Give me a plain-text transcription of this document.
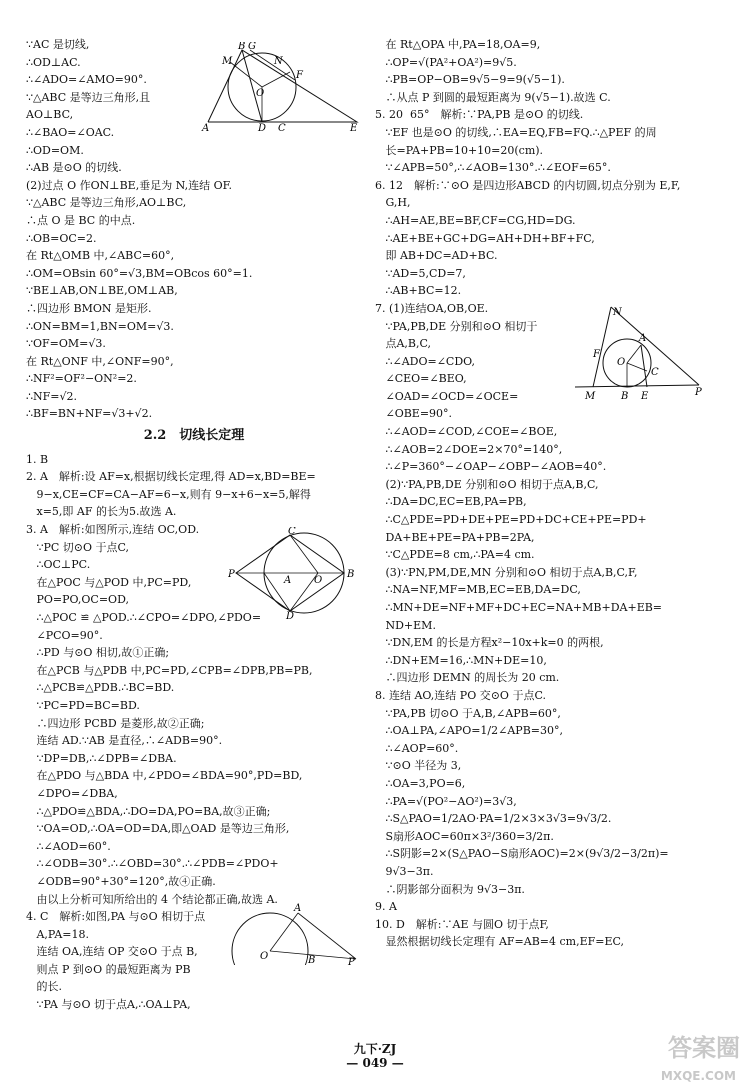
∵AC 是切线,

∴OD⊥AC.

∴∠ADO=∠AMO=90°.

∵△ABC 是等边三角形,且

AO⊥BC,

∴∠BAO=∠OAC.

∴OD=OM.

∴AB 是⊙O 的切线.

(2)过点 O 作ON⊥BE,垂足为 N,连结 OF.

∵△ABC 是等边三角形,AO⊥BC,

∴点 O 是 BC 的中点.

∴OB=OC=2.

在 Rt△OMB 中,∠ABC=60°,

∴OM=OBsin 60°=√3,BM=OBcos 60°=1.

∵BE⊥AB,ON⊥BE,OM⊥AB,

∴四边形 BMON 是矩形.

∴ON=BM=1,BN=OM=√3.

∵OF=OM=√3.

在 Rt△ONF 中,∠ONF=90°,

∴NF²=OF²−ON²=2.

∴NF=√2.

∴BF=BN+NF=√3+√2.

2.2　切线长定理

1. B

2. A　解析:设 AF=x,根据切线长定理,得 AD=x,BD=BE=

9−x,CE=CF=CA−AF=6−x,则有 9−x+6−x=5,解得

x=5,即 AF 的长为5.故选 A.

3. A　解析:如图所示,连结 OC,OD.

∵PC 切⊙O 于点C,

∴OC⊥PC.

在△POC 与△POD 中,PC=PD,

PO=PO,OC=OD,

∴△POC ≌ △POD.∴∠CPO=∠DPO,∠PDO=

∠PCO=90°.

∴PD 与⊙O 相切,故①正确;

在△PCB 与△PDB 中,PC=PD,∠CPB=∠DPB,PB=PB,

∴△PCB≌△PDB.∴BC=BD.

∵PC=PD=BC=BD.

∴四边形 PCBD 是菱形,故②正确;

连结 AD.∵AB 是直径,∴∠ADB=90°.

∵DP=DB,∴∠DPB=∠DBA.

在△PDO 与△BDA 中,∠PDO=∠BDA=90°,PD=BD,

∠DPO=∠DBA,

∴△PDO≌△BDA,∴DO=DA,PO=BA,故③正确;

∵OA=OD,∴OA=OD=DA,即△OAD 是等边三角形,

∴∠AOD=60°.

∴∠ODB=30°.∴∠OBD=30°.∴∠PDB=∠PDO+

∠ODB=90°+30°=120°,故④正确.

由以上分析可知所给出的 4 个结论都正确,故选 A.

4. C　解析:如图,PA 与⊙O 相切于点

A,PA=18.

连结 OA,连结 OP 交⊙O 于点 B,

则点 P 到⊙O 的最短距离为 PB

的长.

∵PA 与⊙O 切于点A,∴OA⊥PA,

在 Rt△OPA 中,PA=18,OA=9,

∴OP=√(PA²+OA²)=9√5.

∴PB=OP−OB=9√5−9=9(√5−1).

∴从点 P 到圆的最短距离为 9(√5−1).故选 C.

5. 20  65°　解析:∵PA,PB 是⊙O 的切线.

∵EF 也是⊙O 的切线,∴EA=EQ,FB=FQ.∴△PEF 的周

长=PA+PB=10+10=20(cm).

∵∠APB=50°,∴∠AOB=130°.∴∠EOF=65°.

6. 12　解析:∵⊙O 是四边形ABCD 的内切圆,切点分别为 E,F,

G,H,

∴AH=AE,BE=BF,CF=CG,HD=DG.

∴AE+BE+GC+DG=AH+DH+BF+FC,

即 AB+DC=AD+BC.

∵AD=5,CD=7,

∴AB+BC=12.

7. (1)连结OA,OB,OE.

∵PA,PB,DE 分别和⊙O 相切于

点A,B,C,

∴∠ADO=∠CDO,

∠CEO=∠BEO,

∠OAD=∠OCD=∠OCE=

∠OBE=90°.

∴∠AOD=∠COD,∠COE=∠BOE,

∴∠AOB=2∠DOE=2×70°=140°,

∴∠P=360°−∠OAP−∠OBP−∠AOB=40°.

(2)∵PA,PB,DE 分别和⊙O 相切于点A,B,C,

∴DA=DC,EC=EB,PA=PB,

∴C△PDE=PD+DE+PE=PD+DC+CE+PE=PD+

DA+BE+PE=PA+PB=2PA,

∵C△PDE=8 cm,∴PA=4 cm.

(3)∵PN,PM,DE,MN 分别和⊙O 相切于点A,B,C,F,

∴NA=NF,MF=MB,EC=EB,DA=DC,

∴MN+DE=NF+MF+DC+EC=NA+MB+DA+EB=

ND+EM.

∵DN,EM 的长是方程x²−10x+k=0 的两根,

∴DN+EM=16,∴MN+DE=10,

∴四边形 DEMN 的周长为 20 cm.

8. 连结 AO,连结 PO 交⊙O 于点C.

∵PA,PB 切⊙O 于A,B,∠APB=60°,

∴OA⊥PA,∠APO=1/2∠APB=30°,

∴∠AOP=60°.

∵⊙O 半径为 3,

∴OA=3,PO=6,

∴PA=√(PO²−AO²)=3√3,

∴S△PAO=1/2AO·PA=1/2×3×3√3=9√3/2.

S扇形AOC=60π×3²/360=3/2π.

∴S阴影=2×(S△PAO−S扇形AOC)=2×(9√3/2−3/2π)=

9√3−3π.

∴阴影部分面积为 9√3−3π.

9. A

10. D　解析:∵AE 与圆O 切于点F,

显然根据切线长定理有 AF=AB=4 cm,EF=EC,

B G
M	N
F
O
A	D C	E
C
P
A O
B
D
A
O	B	P
N
F
O
A
C
P
M	B E
九下·ZJ
— 049 —
答案圈
MXQE.COM
